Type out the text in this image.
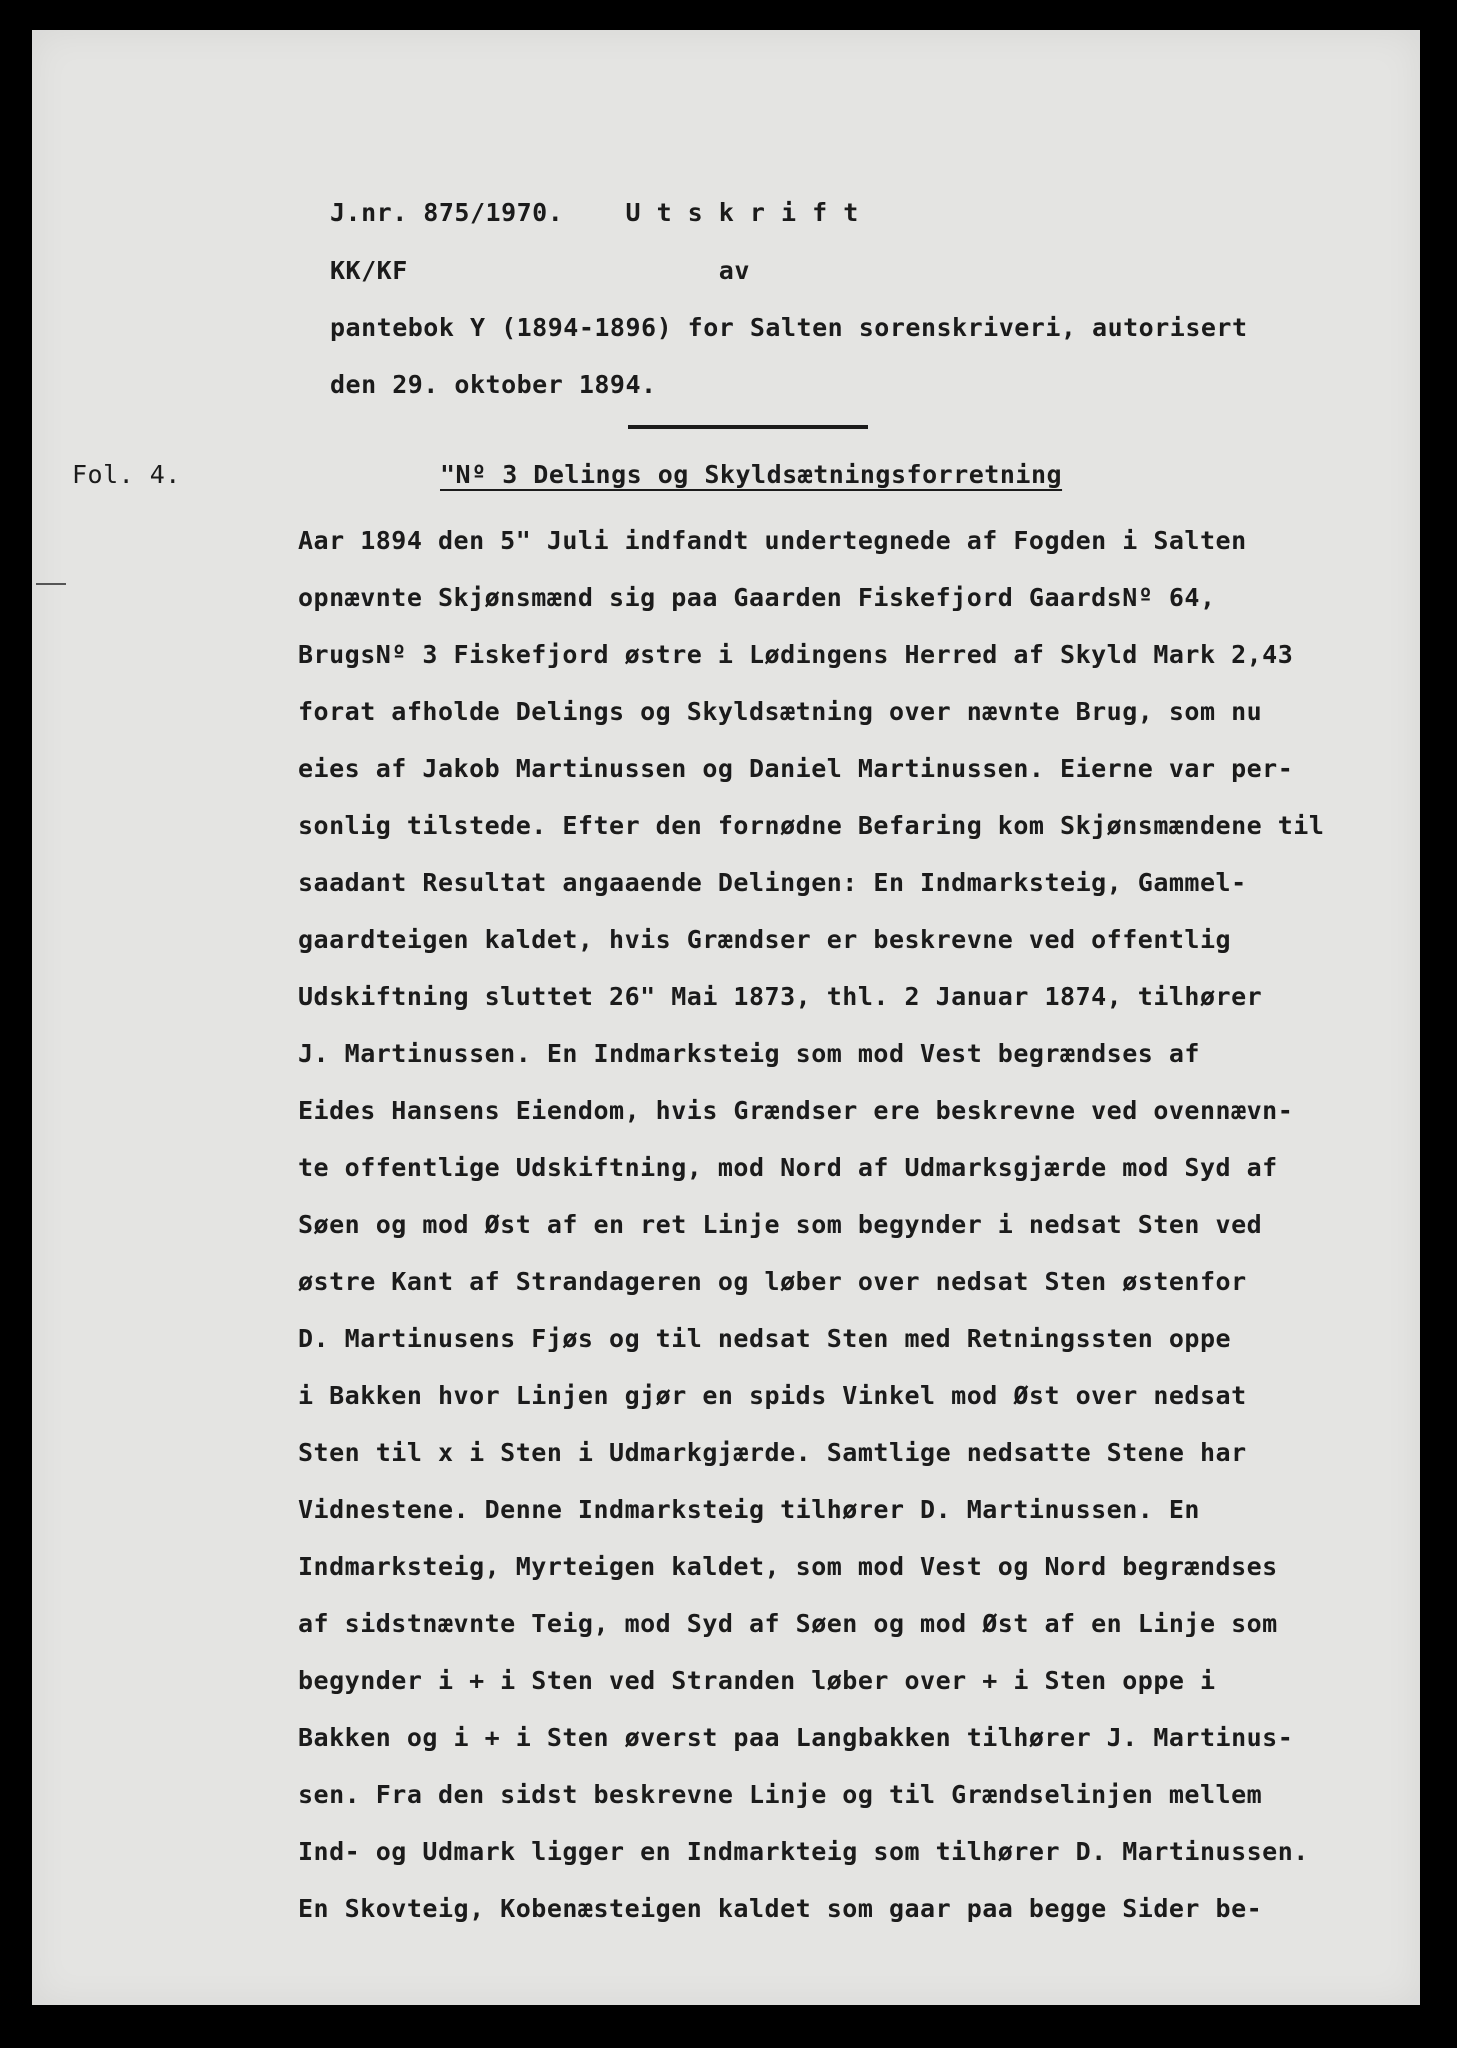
J.nr. 875/1970.    U t s k r i f t
KK/KF                    av
pantebok Y (1894-1896) for Salten sorenskriveri, autorisert
den 29. oktober 1894.
Fol. 4.	"Nº 3 Delings og Skyldsætningsforretning
Aar 1894 den 5" Juli indfandt undertegnede af Fogden i Salten
opnævnte Skjønsmænd sig paa Gaarden Fiskefjord GaardsNº 64,
BrugsNº 3 Fiskefjord østre i Lødingens Herred af Skyld Mark 2,43
forat afholde Delings og Skyldsætning over nævnte Brug, som nu
eies af Jakob Martinussen og Daniel Martinussen. Eierne var per-
sonlig tilstede. Efter den fornødne Befaring kom Skjønsmændene til
saadant Resultat angaaende Delingen: En Indmarksteig, Gammel-
gaardteigen kaldet, hvis Grændser er beskrevne ved offentlig
Udskiftning sluttet 26" Mai 1873, thl. 2 Januar 1874, tilhører
J. Martinussen. En Indmarksteig som mod Vest begrændses af
Eides Hansens Eiendom, hvis Grændser ere beskrevne ved ovennævn-
te offentlige Udskiftning, mod Nord af Udmarksgjærde mod Syd af
Søen og mod Øst af en ret Linje som begynder i nedsat Sten ved
østre Kant af Strandageren og løber over nedsat Sten østenfor
D. Martinusens Fjøs og til nedsat Sten med Retningssten oppe
i Bakken hvor Linjen gjør en spids Vinkel mod Øst over nedsat
Sten til x i Sten i Udmarkgjærde. Samtlige nedsatte Stene har
Vidnestene. Denne Indmarksteig tilhører D. Martinussen. En
Indmarksteig, Myrteigen kaldet, som mod Vest og Nord begrændses
af sidstnævnte Teig, mod Syd af Søen og mod Øst af en Linje som
begynder i + i Sten ved Stranden løber over + i Sten oppe i
Bakken og i + i Sten øverst paa Langbakken tilhører J. Martinus-
sen. Fra den sidst beskrevne Linje og til Grændselinjen mellem
Ind- og Udmark ligger en Indmarkteig som tilhører D. Martinussen.
En Skovteig, Kobenæsteigen kaldet som gaar paa begge Sider be-
